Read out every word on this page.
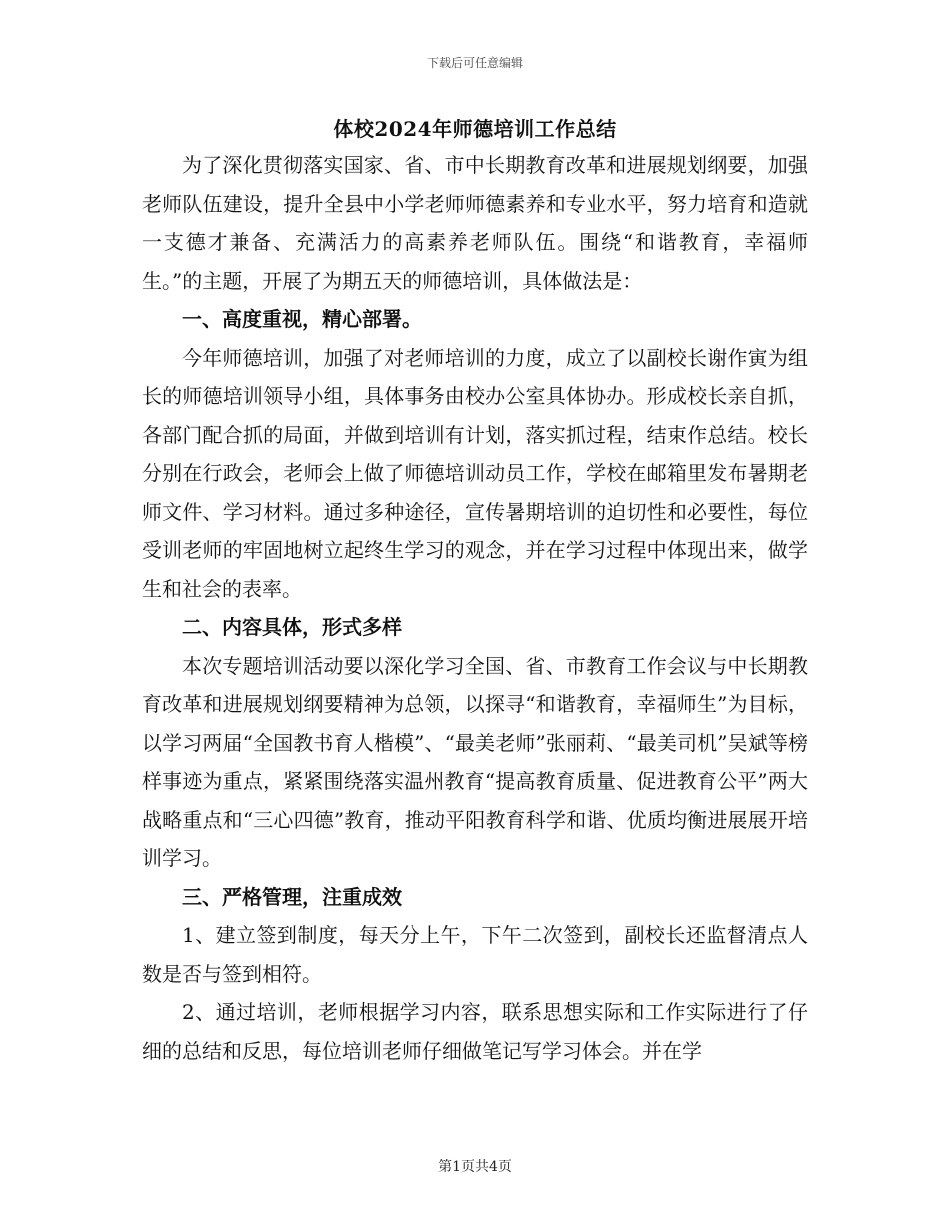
下载后可任意编辑
体校2024年师德培训工作总结

为了深化贯彻落实国家、省、市中长期教育改革和进展规划纲要，加强老师队伍建设，提升全县中小学老师师德素养和专业水平，努力培育和造就一支德才兼备、充满活力的高素养老师队伍。围绕“和谐教育，幸福师生。”的主题，开展了为期五天的师德培训，具体做法是：

一、高度重视，精心部署。

今年师德培训，加强了对老师培训的力度，成立了以副校长谢作寅为组长的师德培训领导小组，具体事务由校办公室具体协办。形成校长亲自抓，各部门配合抓的局面，并做到培训有计划，落实抓过程，结束作总结。校长分别在行政会，老师会上做了师德培训动员工作，学校在邮箱里发布暑期老师文件、学习材料。通过多种途径，宣传暑期培训的迫切性和必要性，每位受训老师的牢固地树立起终生学习的观念，并在学习过程中体现出来，做学生和社会的表率。

二、内容具体，形式多样

本次专题培训活动要以深化学习全国、省、市教育工作会议与中长期教育改革和进展规划纲要精神为总领，以探寻“和谐教育，幸福师生”为目标，以学习两届“全国教书育人楷模”、“最美老师”张丽莉、“最美司机”吴斌等榜样事迹为重点，紧紧围绕落实温州教育“提高教育质量、促进教育公平”两大战略重点和“三心四德”教育，推动平阳教育科学和谐、优质均衡进展展开培训学习。

三、严格管理，注重成效

1、建立签到制度，每天分上午，下午二次签到，副校长还监督清点人数是否与签到相符。

2、通过培训，老师根据学习内容，联系思想实际和工作实际进行了仔细的总结和反思，每位培训老师仔细做笔记写学习体会。并在学

第1页共4页
